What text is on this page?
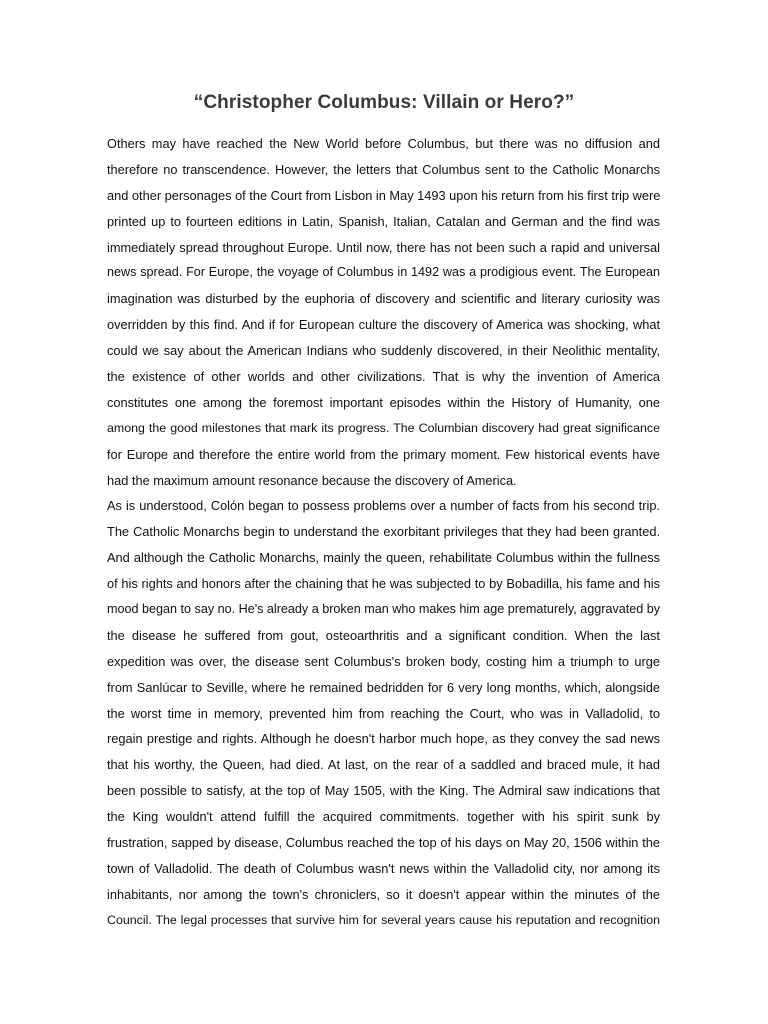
“Christopher Columbus: Villain or Hero?”
Others may have reached the New World before Columbus, but there was no diffusion and
therefore no transcendence. However, the letters that Columbus sent to the Catholic Monarchs
and other personages of the Court from Lisbon in May 1493 upon his return from his first trip were
printed up to fourteen editions in Latin, Spanish, Italian, Catalan and German and the find was
immediately spread throughout Europe. Until now, there has not been such a rapid and universal
news spread. For Europe, the voyage of Columbus in 1492 was a prodigious event. The European
imagination was disturbed by the euphoria of discovery and scientific and literary curiosity was
overridden by this find. And if for European culture the discovery of America was shocking, what
could we say about the American Indians who suddenly discovered, in their Neolithic mentality,
the existence of other worlds and other civilizations. That is why the invention of America
constitutes one among the foremost important episodes within the History of Humanity, one
among the good milestones that mark its progress. The Columbian discovery had great significance
for Europe and therefore the entire world from the primary moment. Few historical events have
had the maximum amount resonance because the discovery of America.
As is understood, Colón began to possess problems over a number of facts from his second trip.
The Catholic Monarchs begin to understand the exorbitant privileges that they had been granted.
And although the Catholic Monarchs, mainly the queen, rehabilitate Columbus within the fullness
of his rights and honors after the chaining that he was subjected to by Bobadilla, his fame and his
mood began to say no. He's already a broken man who makes him age prematurely, aggravated by
the disease he suffered from gout, osteoarthritis and a significant condition. When the last
expedition was over, the disease sent Columbus's broken body, costing him a triumph to urge
from Sanlúcar to Seville, where he remained bedridden for 6 very long months, which, alongside
the worst time in memory, prevented him from reaching the Court, who was in Valladolid, to
regain prestige and rights. Although he doesn't harbor much hope, as they convey the sad news
that his worthy, the Queen, had died. At last, on the rear of a saddled and braced mule, it had
been possible to satisfy, at the top of May 1505, with the King. The Admiral saw indications that
the King wouldn't attend fulfill the acquired commitments. together with his spirit sunk by
frustration, sapped by disease, Columbus reached the top of his days on May 20, 1506 within the
town of Valladolid. The death of Columbus wasn't news within the Valladolid city, nor among its
inhabitants, nor among the town's chroniclers, so it doesn't appear within the minutes of the
Council. The legal processes that survive him for several years cause his reputation and recognition
